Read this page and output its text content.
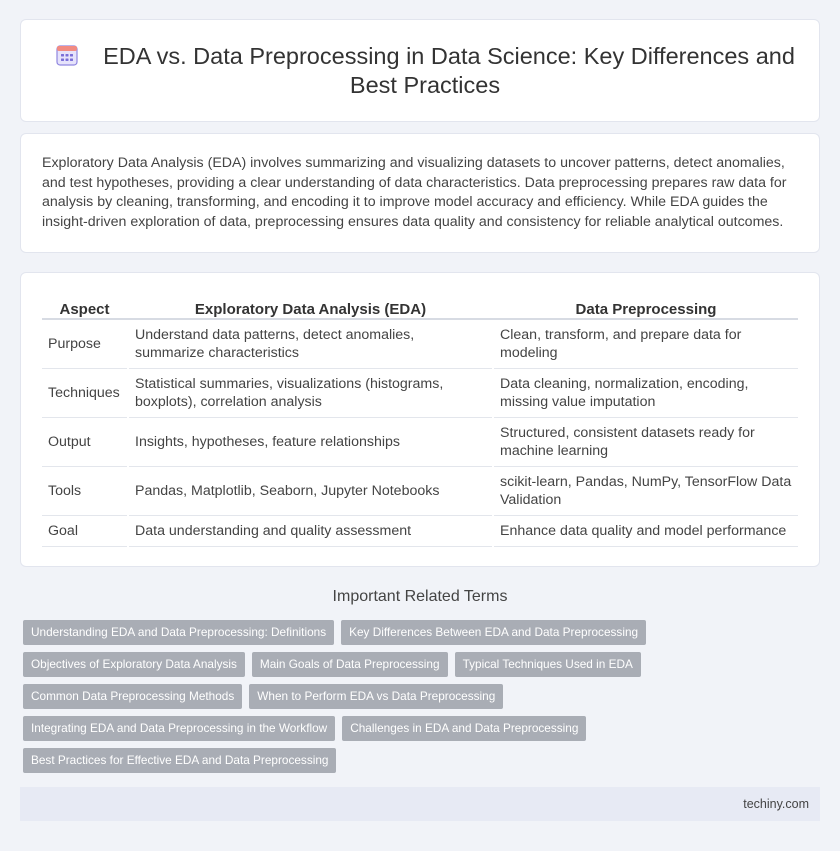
EDA vs. Data Preprocessing in Data Science: Key Differences and Best Practices

Exploratory Data Analysis (EDA) involves summarizing and visualizing datasets to uncover patterns, detect anomalies, and test hypotheses, providing a clear understanding of data characteristics. Data preprocessing prepares raw data for analysis by cleaning, transforming, and encoding it to improve model accuracy and efficiency. While EDA guides the insight-driven exploration of data, preprocessing ensures data quality and consistency for reliable analytical outcomes.

Aspect	Exploratory Data Analysis (EDA)	Data Preprocessing
Purpose	Understand data patterns, detect anomalies, summarize characteristics	Clean, transform, and prepare data for modeling
Techniques	Statistical summaries, visualizations (histograms, boxplots), correlation analysis	Data cleaning, normalization, encoding, missing value imputation
Output	Insights, hypotheses, feature relationships	Structured, consistent datasets ready for machine learning
Tools	Pandas, Matplotlib, Seaborn, Jupyter Notebooks	scikit-learn, Pandas, NumPy, TensorFlow Data Validation
Goal	Data understanding and quality assessment	Enhance data quality and model performance
Important Related Terms
Understanding EDA and Data Preprocessing: Definitions Key Differences Between EDA and Data Preprocessing
Objectives of Exploratory Data Analysis Main Goals of Data Preprocessing Typical Techniques Used in EDA
Common Data Preprocessing Methods When to Perform EDA vs Data Preprocessing
Integrating EDA and Data Preprocessing in the Workflow Challenges in EDA and Data Preprocessing
Best Practices for Effective EDA and Data Preprocessing
techiny.com
